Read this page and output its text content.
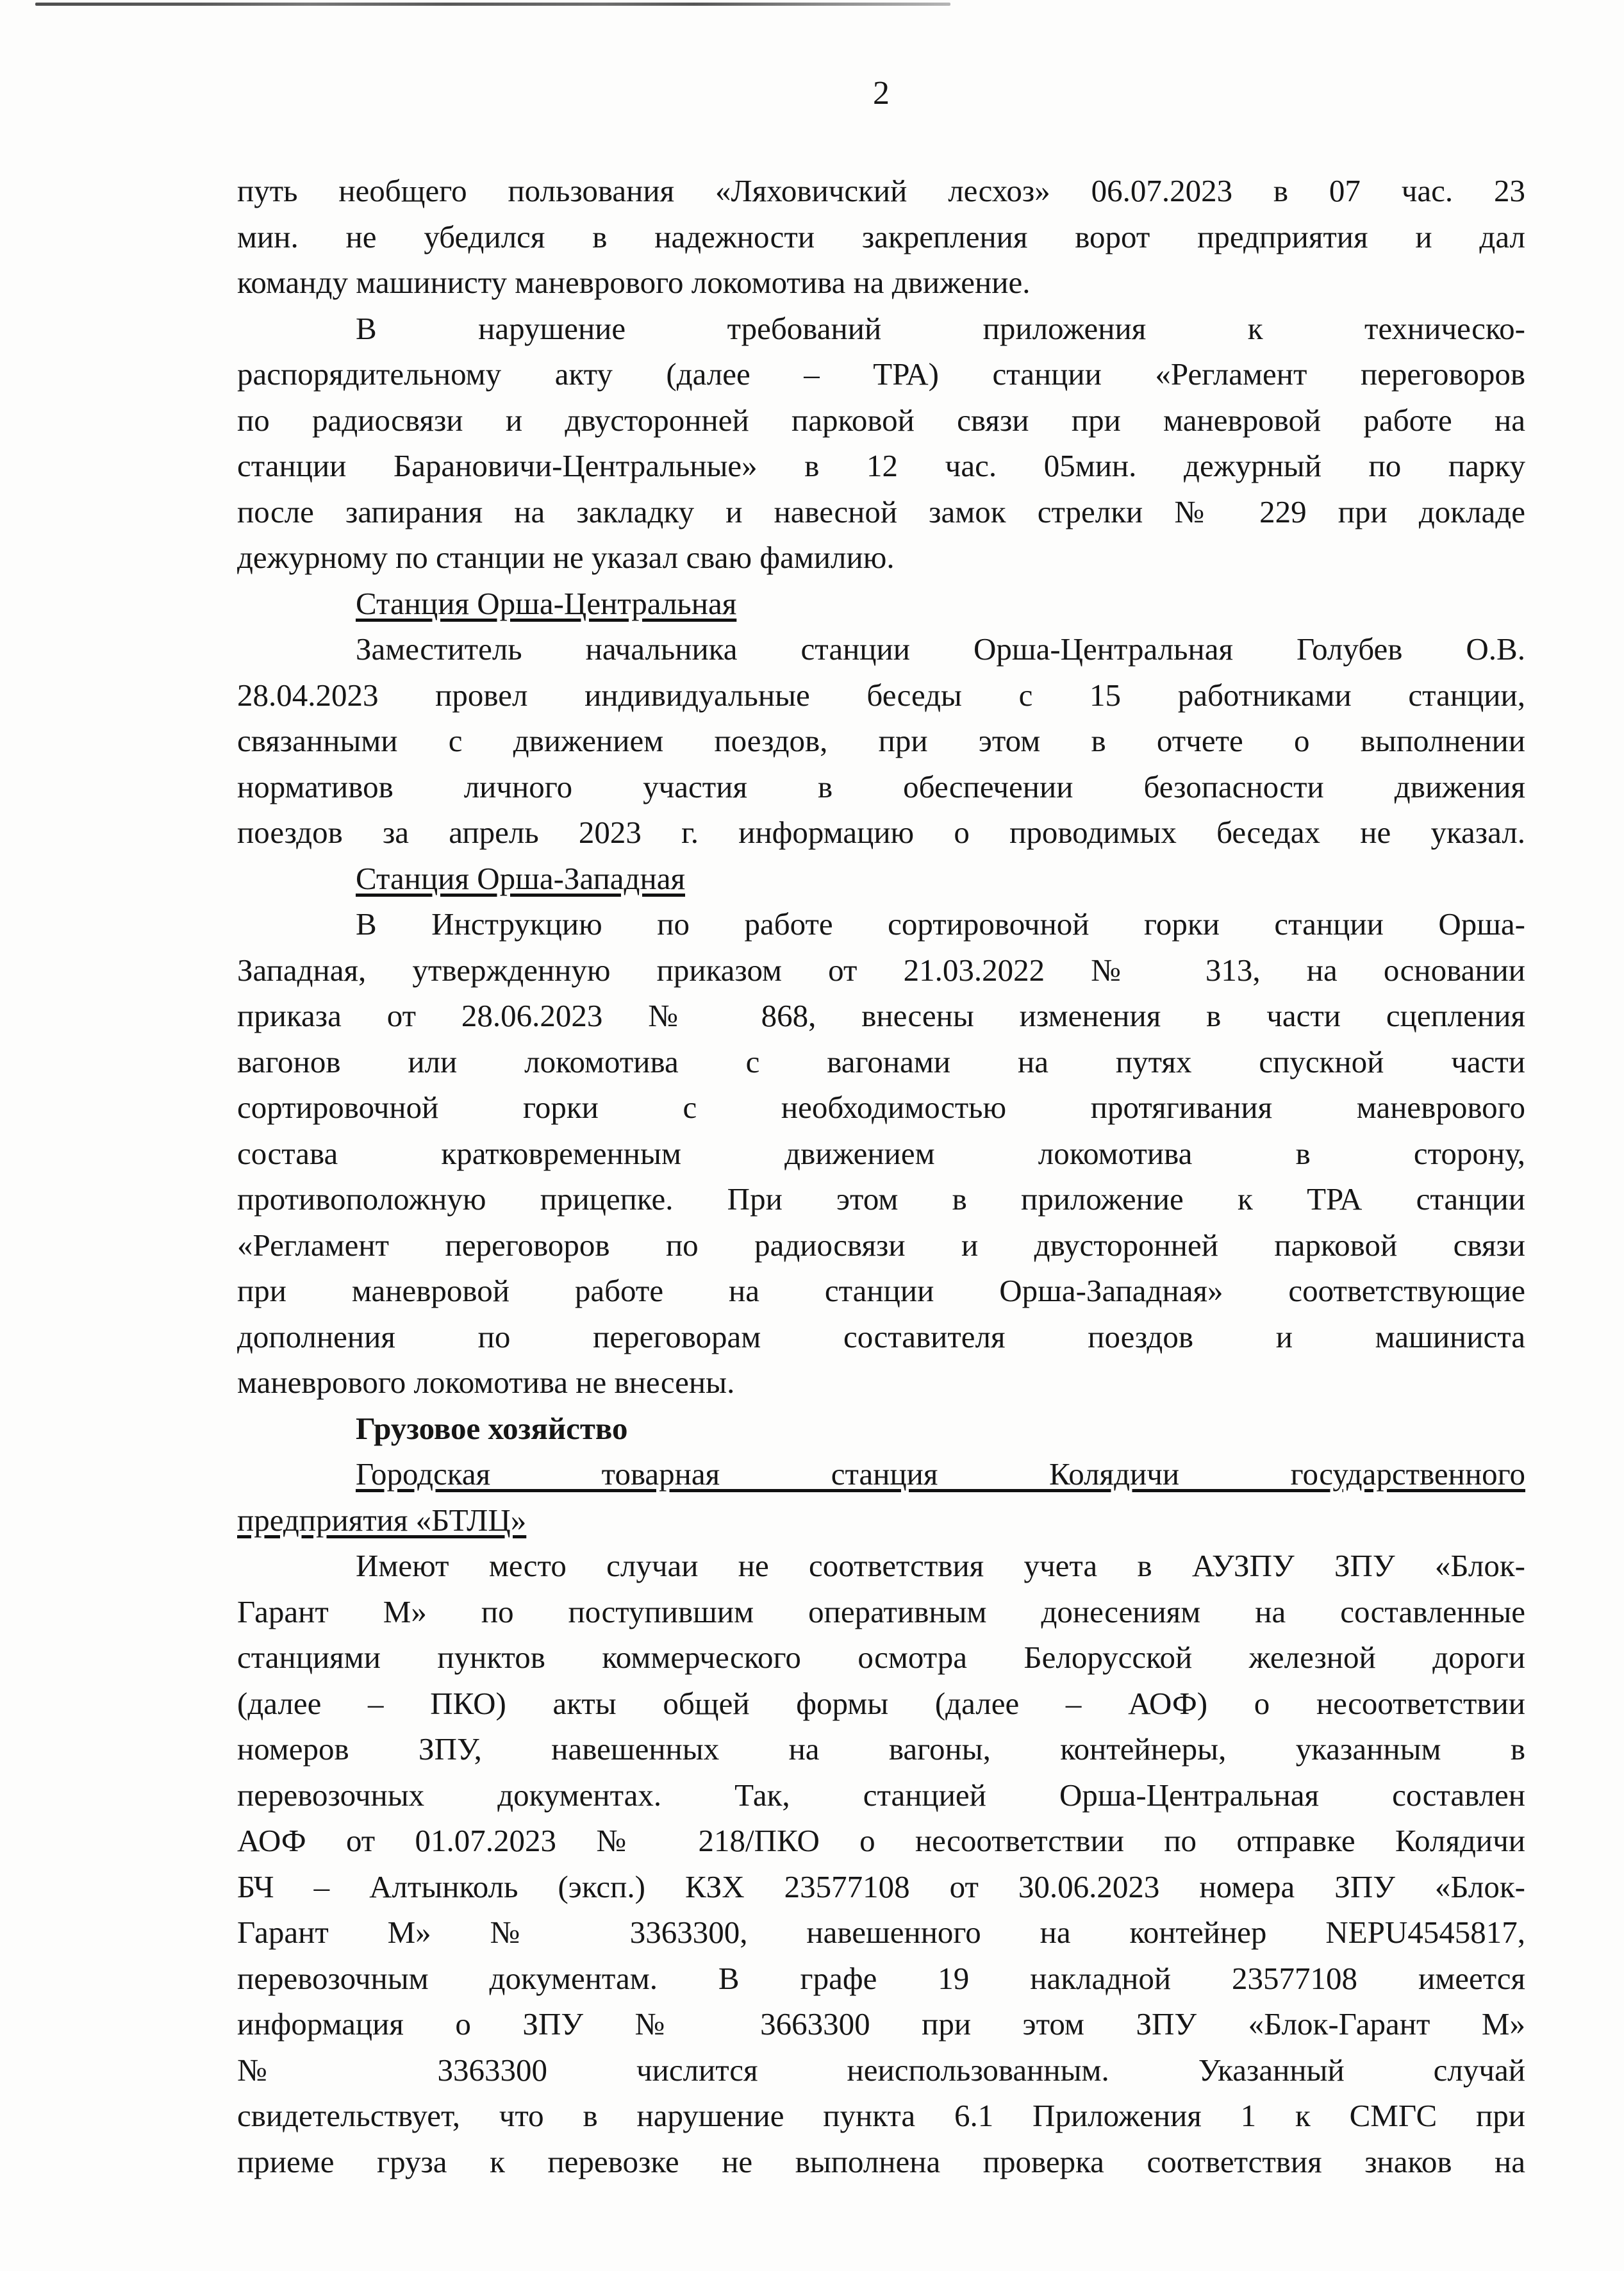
2
путь необщего пользования «Ляховичский лесхоз» 06.07.2023 в 07 час. 23
мин. не убедился в надежности закрепления ворот предприятия и дал
команду машинисту маневрового локомотива на движение.
В нарушение требований приложения к техническо-
распорядительному акту (далее – ТРА) станции «Регламент переговоров
по радиосвязи и двусторонней парковой связи при маневровой работе на
станции Барановичи-Центральные» в 12 час. 05мин. дежурный по парку
после запирания на закладку и навесной замок стрелки № 229 при докладе
дежурному по станции не указал сваю фамилию.
Станция Орша-Центральная
Заместитель начальника станции Орша-Центральная Голубев О.В.
28.04.2023 провел индивидуальные беседы с 15 работниками станции,
связанными с движением поездов, при этом в отчете о выполнении
нормативов личного участия в обеспечении безопасности движения
поездов за апрель 2023 г. информацию о проводимых беседах не указал.
Станция Орша-Западная
В Инструкцию по работе сортировочной горки станции Орша-
Западная, утвержденную приказом от 21.03.2022 № 313, на основании
приказа от 28.06.2023 № 868, внесены изменения в части сцепления
вагонов или локомотива с вагонами на путях спускной части
сортировочной горки с необходимостью протягивания маневрового
состава кратковременным движением локомотива в сторону,
противоположную прицепке. При этом в приложение к ТРА станции
«Регламент переговоров по радиосвязи и двусторонней парковой связи
при маневровой работе на станции Орша-Западная» соответствующие
дополнения по переговорам составителя поездов и машиниста
маневрового локомотива не внесены.
Грузовое хозяйство
Городская товарная станция Колядичи государственного
предприятия «БТЛЦ»
Имеют место случаи не соответствия учета в АУЗПУ ЗПУ «Блок-
Гарант М» по поступившим оперативным донесениям на составленные
станциями пунктов коммерческого осмотра Белорусской железной дороги
(далее – ПКО) акты общей формы (далее – АОФ) о несоответствии
номеров ЗПУ, навешенных на вагоны, контейнеры, указанным в
перевозочных документах. Так, станцией Орша-Центральная составлен
АОФ от 01.07.2023 № 218/ПКО о несоответствии по отправке Колядичи
БЧ – Алтынколь (эксп.) КЗХ 23577108 от 30.06.2023 номера ЗПУ «Блок-
Гарант М» № 3363300, навешенного на контейнер NEPU4545817,
перевозочным документам. В графе 19 накладной 23577108 имеется
информация о ЗПУ № 3663300 при этом ЗПУ «Блок-Гарант М»
№ 3363300 числится неиспользованным. Указанный случай
свидетельствует, что в нарушение пункта 6.1 Приложения 1 к СМГС при
приеме груза к перевозке не выполнена проверка соответствия знаков на
